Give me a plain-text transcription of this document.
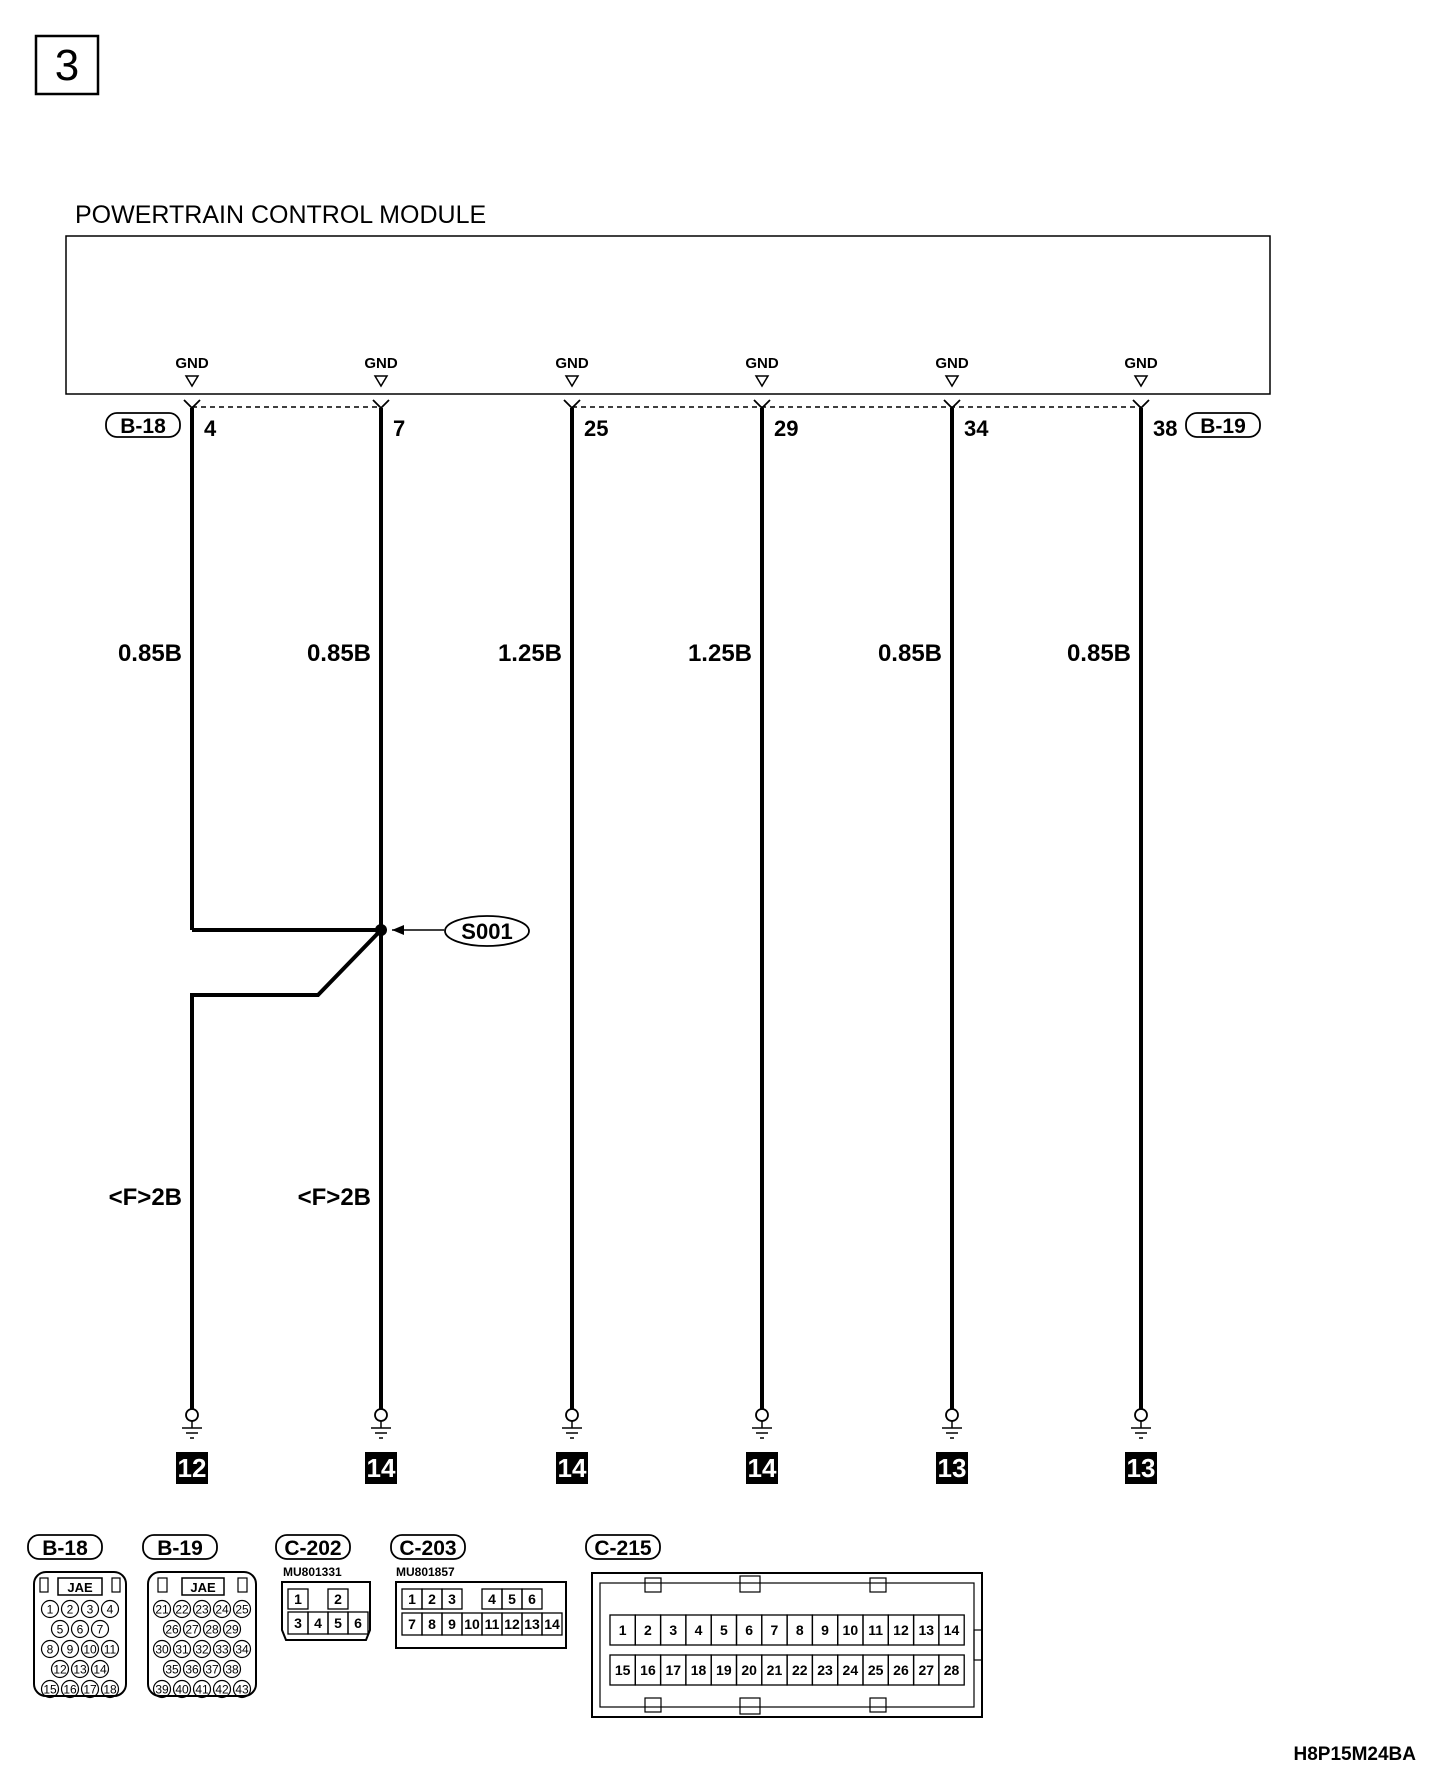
3
POWERTRAIN CONTROL MODULE
B-18	B-19
GND
4
0.85B
<F>2B
12
GND
7
0.85B
<F>2B
14
GND
25
1.25B
14
GND
29
1.25B
14
GND
34
0.85B
13
GND
38
0.85B
13
S001
B-18
JAE
1 2 3 4
5 6 7
8 9 10 11
12 13 14
15 16 17 18
B-19
JAE
21 22 23 24 25
26 27 28 29
30 31 32 33 34
35 36 37 38
39 40 41 42 43
C-202
MU801331
1 2
3 4 5 6
C-203
MU801857
1 2 3 4 5 6
7 8 9 10 11 12 13 14
C-215
1 2 3 4 5 6 7 8 9 10 11 12 13 14
15 16 17 18 19 20 21 22 23 24 25 26 27 28
H8P15M24BA
